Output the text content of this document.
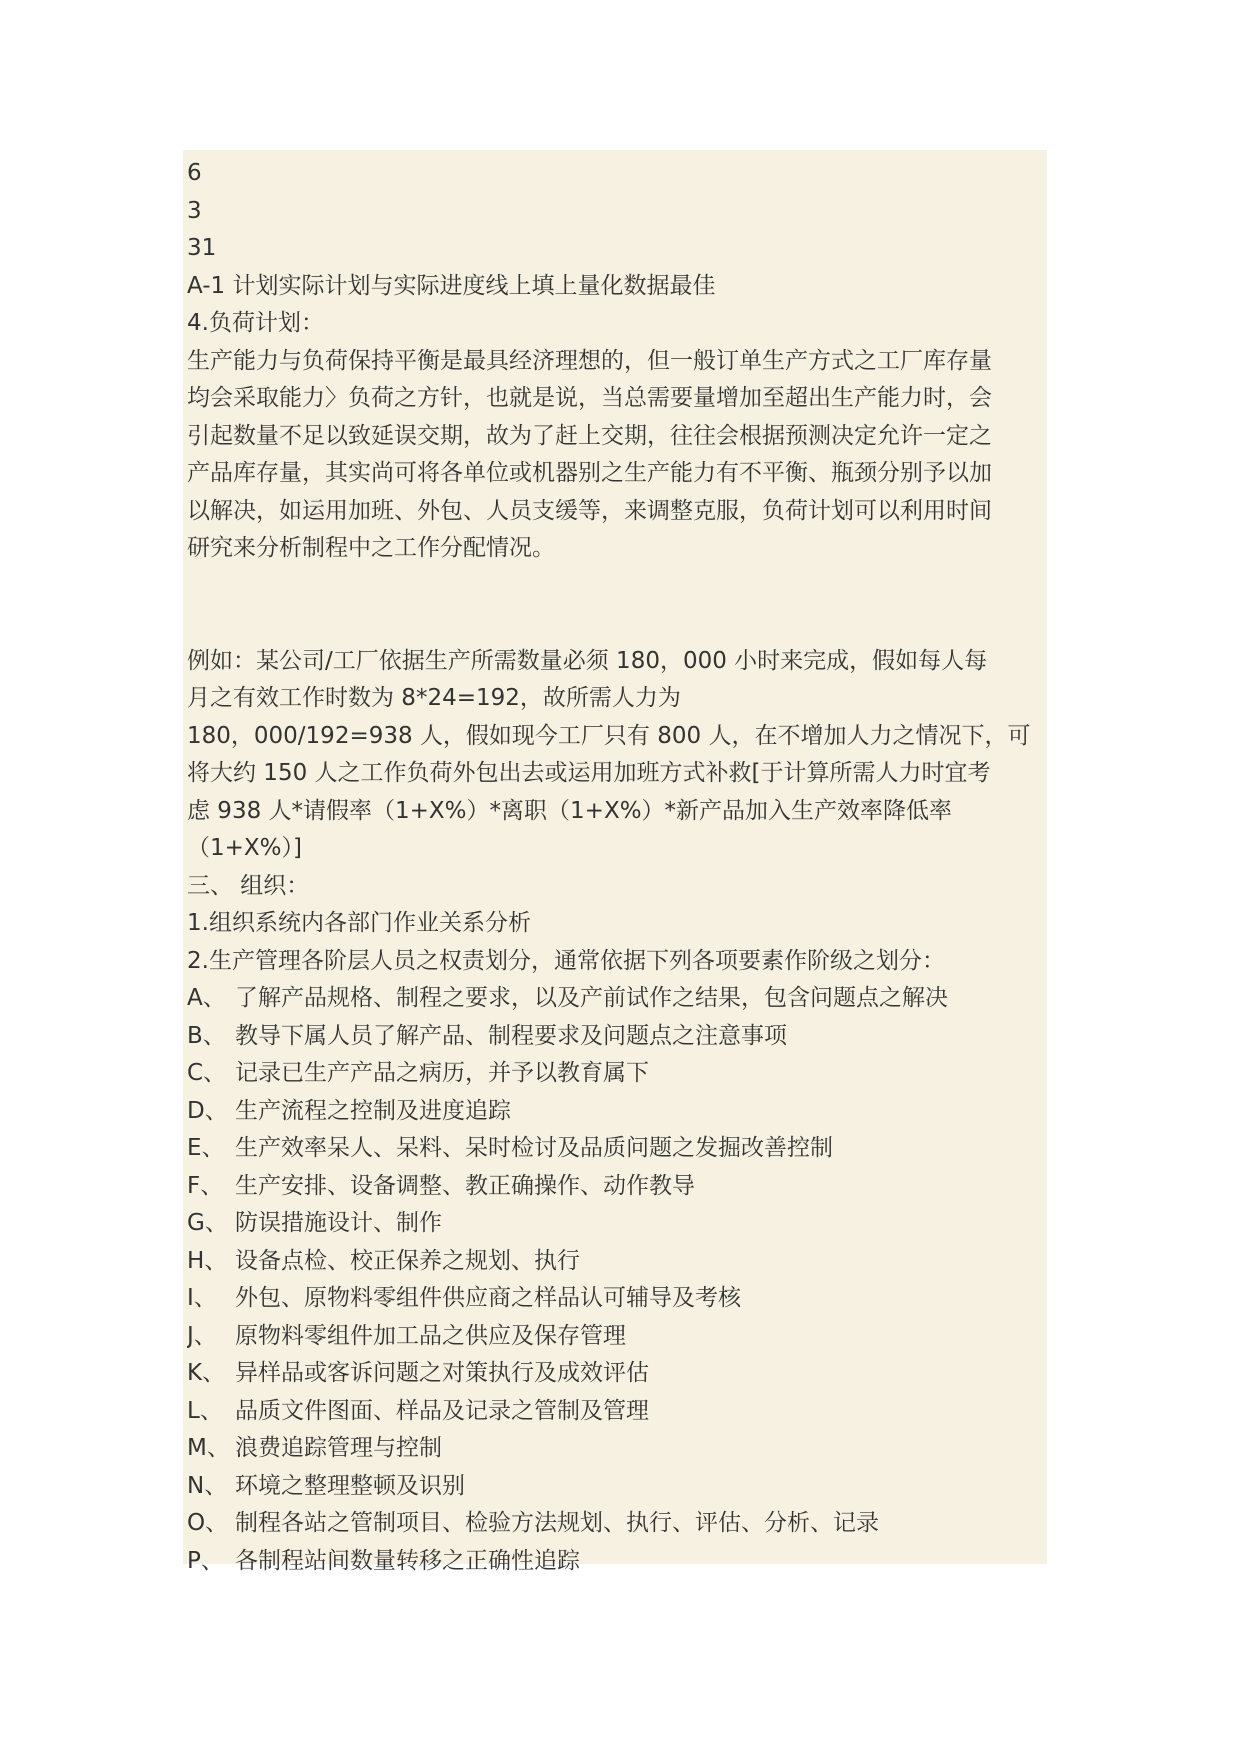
6
3
31
A-1 计划实际计划与实际进度线上填上量化数据最佳
4.负荷计划：
生产能力与负荷保持平衡是最具经济理想的，但一般订单生产方式之工厂库存量
均会采取能力〉负荷之方针，也就是说，当总需要量增加至超出生产能力时，会
引起数量不足以致延误交期，故为了赶上交期，往往会根据预测决定允许一定之
产品库存量，其实尚可将各单位或机器别之生产能力有不平衡、瓶颈分别予以加
以解决，如运用加班、外包、人员支缓等，来调整克服，负荷计划可以利用时间
研究来分析制程中之工作分配情况。
例如：某公司/工厂依据生产所需数量必须 180，000 小时来完成，假如每人每
月之有效工作时数为 8*24=192，故所需人力为
180，000/192=938 人，假如现今工厂只有 800 人，在不增加人力之情况下，可
将大约 150 人之工作负荷外包出去或运用加班方式补救[于计算所需人力时宜考
虑 938 人*请假率（1+X%）*离职（1+X%）*新产品加入生产效率降低率
（1+X%）]
三、 组织：
1.组织系统内各部门作业关系分析
2.生产管理各阶层人员之权责划分，通常依据下列各项要素作阶级之划分：
A、 了解产品规格、制程之要求，以及产前试作之结果，包含问题点之解决
B、 教导下属人员了解产品、制程要求及问题点之注意事项
C、 记录已生产产品之病历，并予以教育属下
D、 生产流程之控制及进度追踪
E、 生产效率呆人、呆料、呆时检讨及品质问题之发掘改善控制
F、 生产安排、设备调整、教正确操作、动作教导
G、 防误措施设计、制作
H、 设备点检、校正保养之规划、执行
I、 外包、原物料零组件供应商之样品认可辅导及考核
J、 原物料零组件加工品之供应及保存管理
K、 异样品或客诉问题之对策执行及成效评估
L、 品质文件图面、样品及记录之管制及管理
M、 浪费追踪管理与控制
N、 环境之整理整顿及识别
O、 制程各站之管制项目、检验方法规划、执行、评估、分析、记录
P、 各制程站间数量转移之正确性追踪
